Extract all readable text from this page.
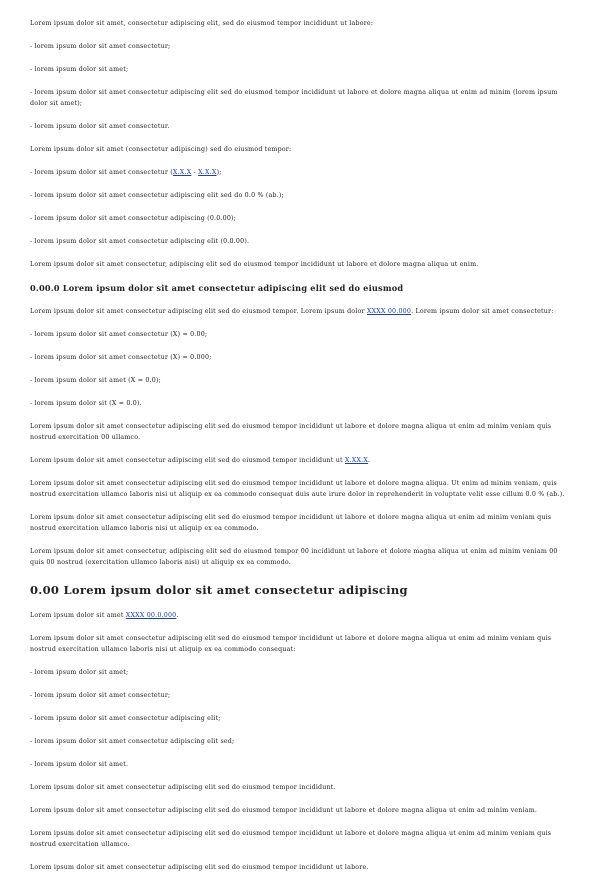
Lorem ipsum dolor sit amet, consectetur adipiscing elit, sed do eiusmod tempor incididunt ut labore:

- lorem ipsum dolor sit amet consectetur;

- lorem ipsum dolor sit amet;

- lorem ipsum dolor sit amet consectetur adipiscing elit sed do eiusmod tempor incididunt ut labore et dolore magna aliqua ut enim ad minim (lorem ipsum dolor sit amet);

- lorem ipsum dolor sit amet consectetur.

Lorem ipsum dolor sit amet (consectetur adipiscing) sed do eiusmod tempor:

- lorem ipsum dolor sit amet consectetur (X.X.X - X.X.X);

- lorem ipsum dolor sit amet consectetur adipiscing elit sed do 0.0 % (ab.);

- lorem ipsum dolor sit amet consectetur adipiscing (0.0.00);

- lorem ipsum dolor sit amet consectetur adipiscing elit (0.0.00).

Lorem ipsum dolor sit amet consectetur, adipiscing elit sed do eiusmod tempor incididunt ut labore et dolore magna aliqua ut enim.

0.00.0 Lorem ipsum dolor sit amet consectetur adipiscing elit sed do eiusmod

Lorem ipsum dolor sit amet consectetur adipiscing elit sed do eiusmod tempor. Lorem ipsum dolor XXXX 00.000. Lorem ipsum dolor sit amet consectetur:

- lorem ipsum dolor sit amet consectetur (X) = 0.00;

- lorem ipsum dolor sit amet consectetur (X) = 0.000;

- lorem ipsum dolor sit amet (X = 0.0);

- lorem ipsum dolor sit (X = 0.0).

Lorem ipsum dolor sit amet consectetur adipiscing elit sed do eiusmod tempor incididunt ut labore et dolore magna aliqua ut enim ad minim veniam quis nostrud exercitation 00 ullamco.

Lorem ipsum dolor sit amet consectetur adipiscing elit sed do eiusmod tempor incididunt ut X.XX.X.

Lorem ipsum dolor sit amet consectetur adipiscing elit sed do eiusmod tempor incididunt ut labore et dolore magna aliqua. Ut enim ad minim veniam, quis nostrud exercitation ullamco laboris nisi ut aliquip ex ea commodo consequat duis aute irure dolor in reprehenderit in voluptate velit esse cillum 0.0 % (ab.).

Lorem ipsum dolor sit amet consectetur adipiscing elit sed do eiusmod tempor incididunt ut labore et dolore magna aliqua ut enim ad minim veniam quis nostrud exercitation ullamco laboris nisi ut aliquip ex ea commodo.

Lorem ipsum dolor sit amet consectetur, adipiscing elit sed do eiusmod tempor 00 incididunt ut labore et dolore magna aliqua ut enim ad minim veniam 00 quis 00 nostrud (exercitation ullamco laboris nisi) ut aliquip ex ea commodo.

0.00 Lorem ipsum dolor sit amet consectetur adipiscing

Lorem ipsum dolor sit amet XXXX 00.0.000.

Lorem ipsum dolor sit amet consectetur adipiscing elit sed do eiusmod tempor incididunt ut labore et dolore magna aliqua ut enim ad minim veniam quis nostrud exercitation ullamco laboris nisi ut aliquip ex ea commodo consequat:

- lorem ipsum dolor sit amet;

- lorem ipsum dolor sit amet consectetur;

- lorem ipsum dolor sit amet consectetur adipiscing elit;

- lorem ipsum dolor sit amet consectetur adipiscing elit sed;

- lorem ipsum dolor sit amet.

Lorem ipsum dolor sit amet consectetur adipiscing elit sed do eiusmod tempor incididunt.

Lorem ipsum dolor sit amet consectetur adipiscing elit sed do eiusmod tempor incididunt ut labore et dolore magna aliqua ut enim ad minim veniam.

Lorem ipsum dolor sit amet consectetur adipiscing elit sed do eiusmod tempor incididunt ut labore et dolore magna aliqua ut enim ad minim veniam quis nostrud exercitation ullamco.

Lorem ipsum dolor sit amet consectetur adipiscing elit sed do eiusmod tempor incididunt ut labore.
